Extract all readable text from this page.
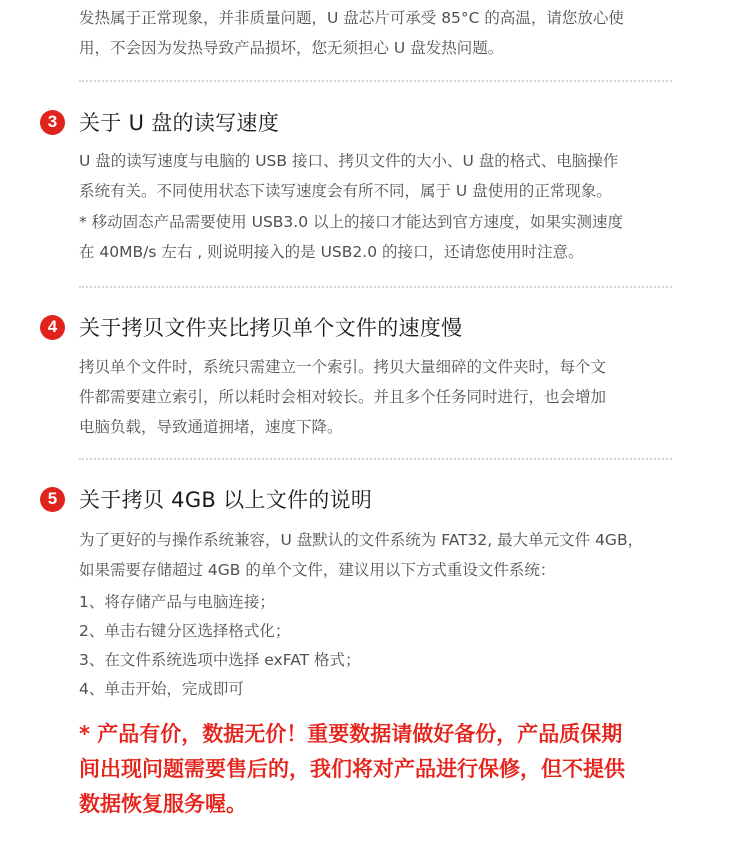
发热属于正常现象，并非质量问题，U 盘芯片可承受 85°C 的高温，请您放心使
用，不会因为发热导致产品损坏，您无须担心 U 盘发热问题。
3	关于 U 盘的读写速度
U 盘的读写速度与电脑的 USB 接口、拷贝文件的大小、U 盘的格式、电脑操作
系统有关。不同使用状态下读写速度会有所不同，属于 U 盘使用的正常现象。
* 移动固态产品需要使用 USB3.0 以上的接口才能达到官方速度，如果实测速度
在 40MB/s 左右 , 则说明接入的是 USB2.0 的接口，还请您使用时注意。
4	关于拷贝文件夹比拷贝单个文件的速度慢
拷贝单个文件时，系统只需建立一个索引。拷贝大量细碎的文件夹时，每个文
件都需要建立索引，所以耗时会相对较长。并且多个任务同时进行，也会增加
电脑负载，导致通道拥堵，速度下降。
5	关于拷贝 4GB 以上文件的说明
为了更好的与操作系统兼容，U 盘默认的文件系统为 FAT32, 最大单元文件 4GB，
如果需要存储超过 4GB 的单个文件，建议用以下方式重设文件系统：
1、将存储产品与电脑连接；
2、单击右键分区选择格式化；
3、在文件系统选项中选择 exFAT 格式；
4、单击开始，完成即可
* 产品有价，数据无价！重要数据请做好备份，产品质保期
间出现问题需要售后的，我们将对产品进行保修，但不提供
数据恢复服务喔。
